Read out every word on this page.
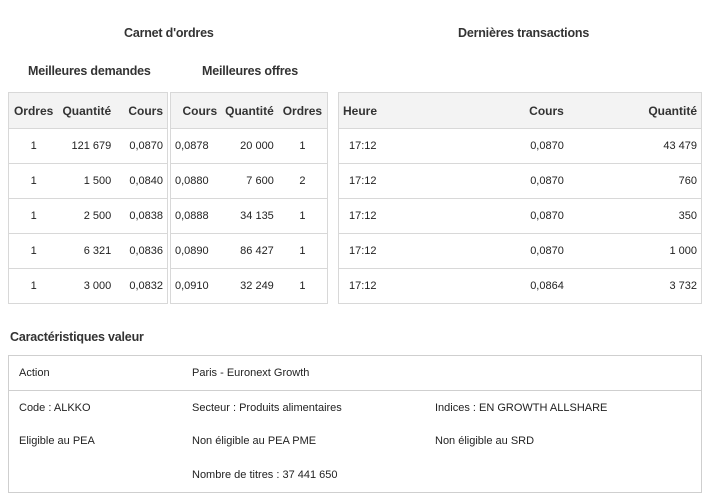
Carnet d'ordres	Dernières transactions
Meilleures demandes	Meilleures offres
Ordres	Quantité	Cours
1	121 679	0,0870
1	1 500	0,0840
1	2 500	0,0838
1	6 321	0,0836
1	3 000	0,0832
Cours	Quantité	Ordres
0,0878	20 000	1
0,0880	7 600	2
0,0888	34 135	1
0,0890	86 427	1
0,0910	32 249	1
Heure	Cours	Quantité
17:12	0,0870	43 479
17:12	0,0870	760
17:12	0,0870	350
17:12	0,0870	1 000
17:12	0,0864	3 732
Caractéristiques valeur
Action	Paris - Euronext Growth
Code : ALKKO	Secteur : Produits alimentaires	Indices : EN GROWTH ALLSHARE
Eligible au PEA	Non éligible au PEA PME	Non éligible au SRD
Nombre de titres : 37 441 650
